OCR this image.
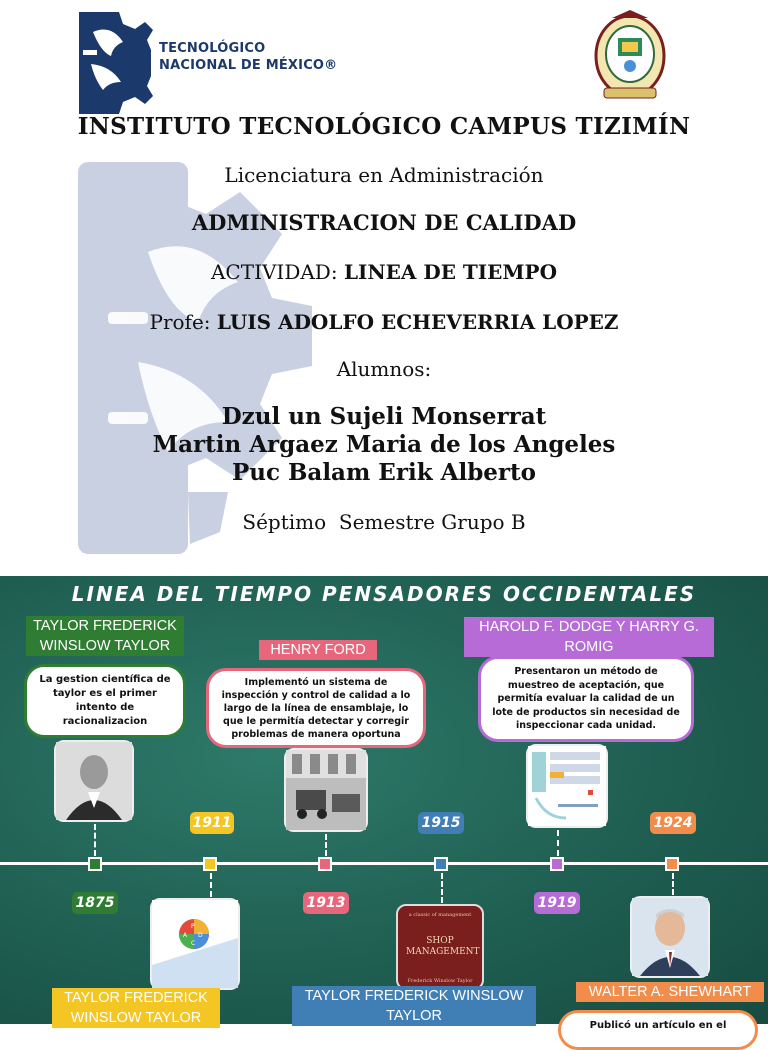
TECNOLÓGICO
NACIONAL DE MÉXICO®
INSTITUTO TECNOLÓGICO CAMPUS TIZIMÍN
Licenciatura en Administración
ADMINISTRACION DE CALIDAD
ACTIVIDAD: LINEA DE TIEMPO
Profe: LUIS ADOLFO ECHEVERRIA LOPEZ
Alumnos:
Dzul un Sujeli Monserrat
Martin Argaez Maria de los Angeles
Puc Balam Erik Alberto
Séptimo  Semestre Grupo B
LINEA DEL TIEMPO PENSADORES OCCIDENTALES
TAYLOR FREDERICK WINSLOW TAYLOR
La gestion científica de taylor es el primer intento de racionalizacion
1875
1911
P
D
C
A
TAYLOR FREDERICK WINSLOW TAYLOR
HENRY FORD
Implementó un sistema de inspección y control de calidad a lo largo de la línea de ensamblaje, lo que le permitía detectar y corregir problemas de manera oportuna
1913
1915
a classic of management
SHOP MANAGEMENT
Frederick Winslow Taylor
TAYLOR FREDERICK WINSLOW TAYLOR
HAROLD F. DODGE Y HARRY G. ROMIG
Presentaron un método de muestreo de aceptación, que permitía evaluar la calidad de un lote de productos sin necesidad de inspeccionar cada unidad.
1919
1924
WALTER A. SHEWHART
Publicó un artículo en el
